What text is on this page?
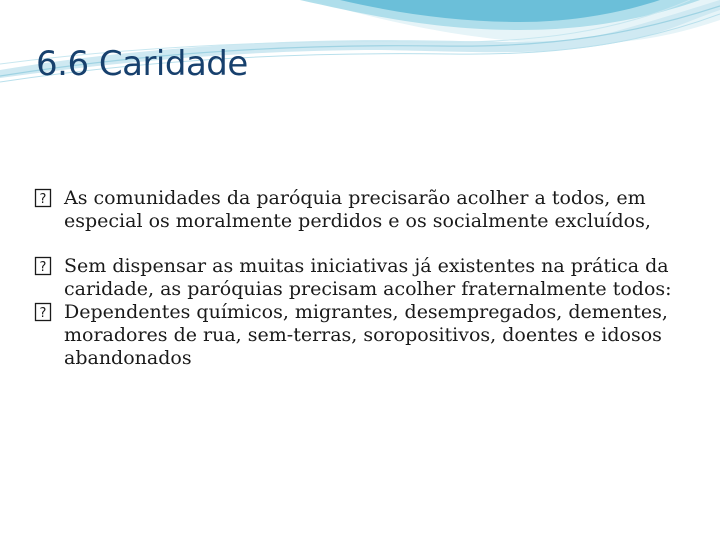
6.6 Caridade
? As comunidades da paróquia precisarão acolher a todos, em especial os moralmente perdidos e os socialmente excluídos,
? Sem dispensar as muitas iniciativas já existentes na prática da caridade, as paróquias precisam acolher fraternalmente todos:
? Dependentes químicos, migrantes, desempregados, dementes, moradores de rua, sem-terras, soropositivos, doentes e idosos abandonados
